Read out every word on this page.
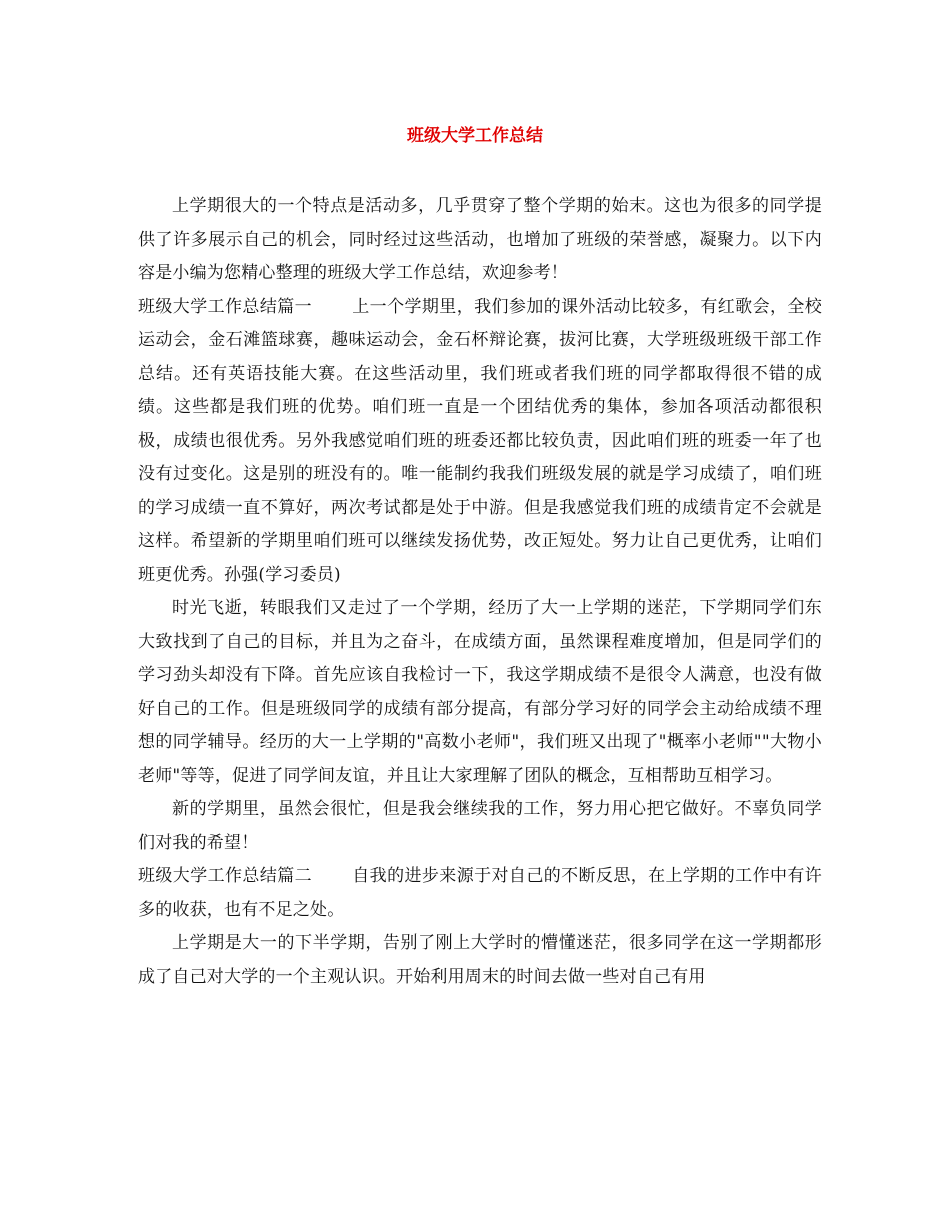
班级大学工作总结

上学期很大的一个特点是活动多，几乎贯穿了整个学期的始末。这也为很多的同学提供了许多展示自己的机会，同时经过这些活动，也增加了班级的荣誉感，凝聚力。以下内容是小编为您精心整理的班级大学工作总结，欢迎参考！

班级大学工作总结篇一 上一个学期里，我们参加的课外活动比较多，有红歌会，全校运动会，金石滩篮球赛，趣味运动会，金石杯辩论赛，拔河比赛，大学班级班级干部工作总结。还有英语技能大赛。在这些活动里，我们班或者我们班的同学都取得很不错的成绩。这些都是我们班的优势。咱们班一直是一个团结优秀的集体，参加各项活动都很积极，成绩也很优秀。另外我感觉咱们班的班委还都比较负责，因此咱们班的班委一年了也没有过变化。这是别的班没有的。唯一能制约我我们班级发展的就是学习成绩了，咱们班的学习成绩一直不算好，两次考试都是处于中游。但是我感觉我们班的成绩肯定不会就是这样。希望新的学期里咱们班可以继续发扬优势，改正短处。努力让自己更优秀，让咱们班更优秀。孙强(学习委员)

时光飞逝，转眼我们又走过了一个学期，经历了大一上学期的迷茫，下学期同学们东大致找到了自己的目标，并且为之奋斗，在成绩方面，虽然课程难度增加，但是同学们的学习劲头却没有下降。首先应该自我检讨一下，我这学期成绩不是很令人满意，也没有做好自己的工作。但是班级同学的成绩有部分提高，有部分学习好的同学会主动给成绩不理想的同学辅导。经历的大一上学期的"高数小老师"，我们班又出现了"概率小老师""大物小老师"等等，促进了同学间友谊，并且让大家理解了团队的概念，互相帮助互相学习。

新的学期里，虽然会很忙，但是我会继续我的工作，努力用心把它做好。不辜负同学们对我的希望！

班级大学工作总结篇二 自我的进步来源于对自己的不断反思，在上学期的工作中有许多的收获，也有不足之处。

上学期是大一的下半学期，告别了刚上大学时的懵懂迷茫，很多同学在这一学期都形成了自己对大学的一个主观认识。开始利用周末的时间去做一些对自己有用
